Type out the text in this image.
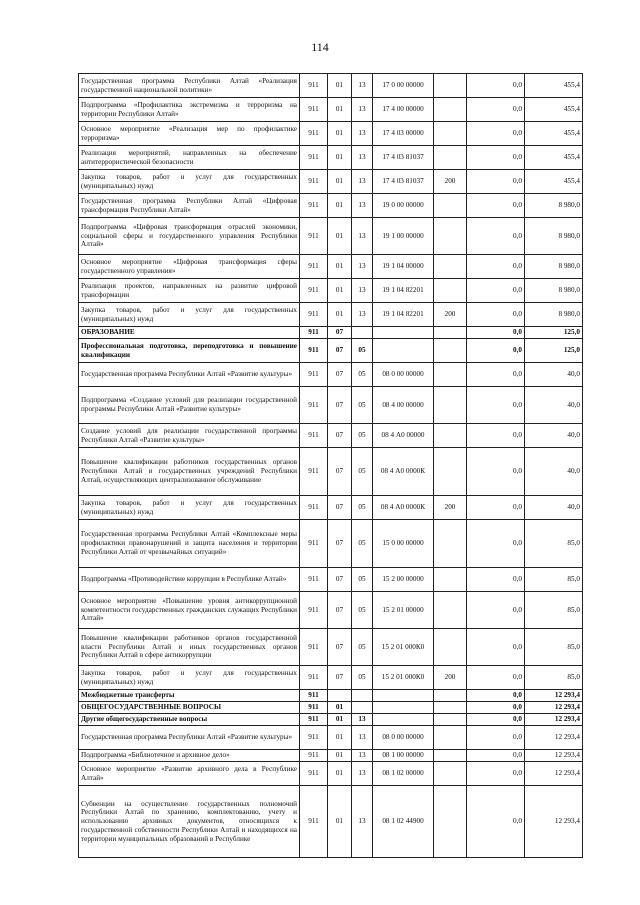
114
Государственная программа Республики Алтай «Реализация государственной национальной политики»	911	01	13	17 0 00 00000		0,0	455,4
Подпрограмма «Профилактика экстремизма и терроризма на территории Республики Алтай»	911	01	13	17 4 00 00000		0,0	455,4
Основное мероприятие «Реализация мер по профилактике терроризма»	911	01	13	17 4 03 00000		0,0	455,4
Реализация мероприятий, направленных на обеспечение антитеррористической безопасности	911	01	13	17 4 03 81037		0,0	455,4
Закупка товаров, работ и услуг для государственных (муниципальных) нужд	911	01	13	17 4 03 81037	200	0,0	455,4
Государственная программа Республики Алтай «Цифровая трансформация Республики Алтай»	911	01	13	19 0 00 00000		0,0	8 980,0
Подпрограмма «Цифровая трансформация отраслей экономики, социальной сферы и государственного управления Республики Алтай»	911	01	13	19 1 00 00000		0,0	8 980,0
Основное мероприятие «Цифровая трансформация сферы государственного управления»	911	01	13	19 1 04 00000		0,0	8 980,0
Реализация проектов, направленных на развитие цифровой трансформации	911	01	13	19 1 04 82201		0,0	8 980,0
Закупка товаров, работ и услуг для государственных (муниципальных) нужд	911	01	13	19 1 04 82201	200	0,0	8 980,0
ОБРАЗОВАНИЕ	911	07				0,0	125,0
Профессиональная подготовка, переподготовка и повышение квалификации	911	07	05			0,0	125,0
Государственная программа Республики Алтай «Развитие культуры»	911	07	05	08 0 00 00000		0,0	40,0
Подпрограмма «Создание условий для реализации государственной программы Республики Алтай «Развитие культуры»	911	07	05	08 4 00 00000		0,0	40,0
Создание условий для реализации государственной программы Республики Алтай «Развитие культуры»	911	07	05	08 4 А0 00000		0,0	40,0
Повышение квалификации работников государственных органов Республики Алтай и государственных учреждений Республики Алтай, осуществляющих централизованное обслуживание	911	07	05	08 4 А0 0000К		0,0	40,0
Закупка товаров, работ и услуг для государственных (муниципальных) нужд	911	07	05	08 4 А0 0000К	200	0,0	40,0
Государственная программа Республики Алтай «Комплексные меры профилактики правонарушений и защита населения и территории Республики Алтай от чрезвычайных ситуаций»	911	07	05	15 0 00 00000		0,0	85,0
Подпрограмма «Противодействие коррупции в Республике Алтай»	911	07	05	15 2 00 00000		0,0	85,0
Основное мероприятие «Повышение уровня антикоррупционной компетентности государственных гражданских служащих Республики Алтай»	911	07	05	15 2 01 00000		0,0	85,0
Повышение квалификации работников органов государственной власти Республики Алтай и иных государственных органов Республики Алтай в сфере антикоррупции	911	07	05	15 2 01 000К0		0,0	85,0
Закупка товаров, работ и услуг для государственных (муниципальных) нужд	911	07	05	15 2 01 000К0	200	0,0	85,0
Межбюджетные трансферты	911					0,0	12 293,4
ОБЩЕГОСУДАРСТВЕННЫЕ ВОПРОСЫ	911	01				0,0	12 293,4
Другие общегосударственные вопросы	911	01	13			0,0	12 293,4
Государственная программа Республики Алтай «Развитие культуры»	911	01	13	08 0 00 00000		0,0	12 293,4
Подпрограмма «Библиотечное и архивное дело»	911	01	13	08 1 00 00000		0,0	12 293,4
Основное мероприятие «Развитие архивного дела в Республике Алтай»	911	01	13	08 1 02 00000		0,0	12 293,4
Субвенции на осуществление государственных полномочий Республики Алтай по хранению, комплектованию, учету и использованию архивных документов, относящихся к государственной собственности Республики Алтай и находящихся на территории муниципальных образований в Республике	911	01	13	08 1 02 44900		0,0	12 293,4
